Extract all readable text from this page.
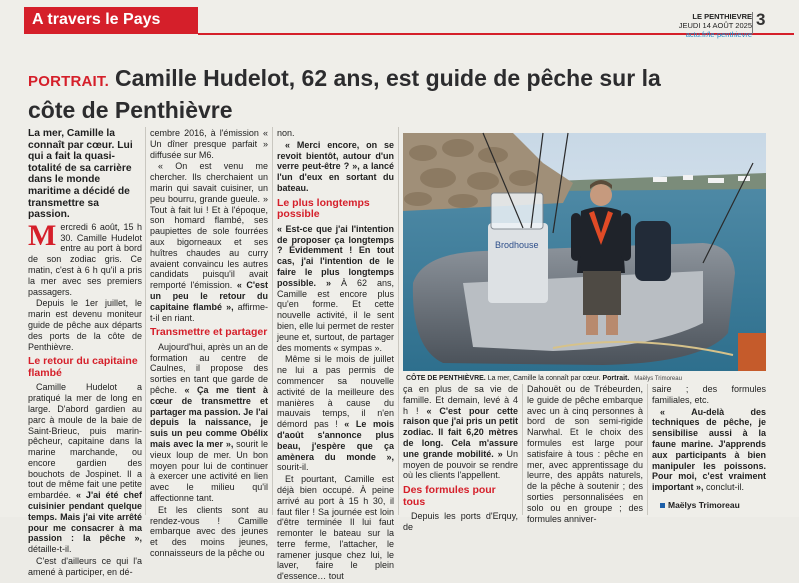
A travers le Pays	LE PENTHIEVRE
JEUDI 14 AOÛT 2025
actu.fr/le-penthievre
3
PORTRAIT. Camille Hudelot, 62 ans, est guide de pêche sur la côte de Penthièvre

La mer, Camille la connaît par cœur. Lui qui a fait la quasi-totalité de sa carrière dans le monde maritime a décidé de transmettre sa passion.

Mercredi 6 août, 15 h 30. Camille Hudelot entre au port à bord de son zodiac gris. Ce matin, c'est à 6 h qu'il a pris la mer avec ses premiers passagers.

Depuis le 1er juillet, le marin est devenu moniteur guide de pêche aux départs des ports de la côte de Penthièvre.

Le retour du capitaine flambé

Camille Hudelot a pratiqué la mer de long en large. D'abord gardien au parc à moule de la baie de Saint-Brieuc, puis marin-pêcheur, capitaine dans la marine marchande, ou encore gardien des bouchots de Jospinet. Il a tout de même fait une petite embardée. « J'ai été chef cuisinier pendant quelque temps. Mais j'ai vite arrêté pour me consacrer à ma passion : la pêche », détaille-t-il.

C'est d'ailleurs ce qui l'a amené à participer, en dé-

cembre 2016, à l'émission « Un dîner presque parfait » diffusée sur M6.

« On est venu me chercher. Ils cherchaient un marin qui savait cuisiner, un peu bourru, grande gueule. » Tout à fait lui ! Et à l'époque, son homard flambé, ses paupiettes de sole fourrées aux bigorneaux et ses huîtres chaudes au curry avaient convaincu les autres candidats puisqu'il avait remporté l'émission. « C'est un peu le retour du capitaine flambé », affirme-t-il en riant.

Transmettre et partager

Aujourd'hui, après un an de formation au centre de Caulnes, il propose des sorties en tant que garde de pêche. « Ça me tient à cœur de transmettre et partager ma passion. Je l'ai depuis la naissance, je suis un peu comme Obélix mais avec la mer », sourit le vieux loup de mer. Un bon moyen pour lui de continuer à exercer une activité en lien avec le milieu qu'il affectionne tant.

Et les clients sont au rendez-vous ! Camille embarque avec des jeunes et des moins jeunes, connaisseurs de la pêche ou

non.

« Merci encore, on se revoit bientôt, autour d'un verre peut-être ? », a lancé l'un d'eux en sortant du bateau.

Le plus longtemps possible

« Est-ce que j'ai l'intention de proposer ça longtemps ? Évidemment ! En tout cas, j'ai l'intention de le faire le plus longtemps possible. » À 62 ans, Camille est encore plus qu'en forme. Et cette nouvelle activité, il le sent bien, elle lui permet de rester jeune et, surtout, de partager des moments « sympas ».

Même si le mois de juillet ne lui a pas permis de commencer sa nouvelle activité de la meilleure des manières à cause du mauvais temps, il n'en démord pas ! « Le mois d'août s'annonce plus beau, j'espère que ça amènera du monde », sourit-il.

Et pourtant, Camille est déjà bien occupé. À peine arrivé au port à 15 h 30, il faut filer ! Sa journée est loin d'être terminée Il lui faut remonter le bateau sur la terre ferme, l'attacher, le ramener jusque chez lui, le laver, faire le plein d'essence… tout

Brodhouse
CÔTE DE PENTHIÈVRE. La mer, Camille la connaît par cœur. Portrait. Maëlys Trimoreau

ça en plus de sa vie de famille. Et demain, levé à 4 h ! « C'est pour cette raison que j'ai pris un petit zodiac. Il fait 6,20 mètres de long. Cela m'assure une grande mobilité. » Un moyen de pouvoir se rendre où les clients l'appellent.

Des formules pour tous

Depuis les ports d'Erquy, de

Dahouët ou de Trébeurden, le guide de pêche embarque avec un à cinq personnes à bord de son semi-rigide Narwhal. Et le choix des formules est large pour satisfaire à tous : pêche en mer, avec apprentissage du leurre, des appâts naturels, de la pêche à soutenir ; des sorties personnalisées en solo ou en groupe ; des formules anniver-

saire ; des formules familiales, etc.

« Au-delà des techniques de pêche, je sensibilise aussi à la faune marine. J'apprends aux participants à bien manipuler les poissons. Pour moi, c'est vraiment important », conclut-il.

Maëlys Trimoreau
